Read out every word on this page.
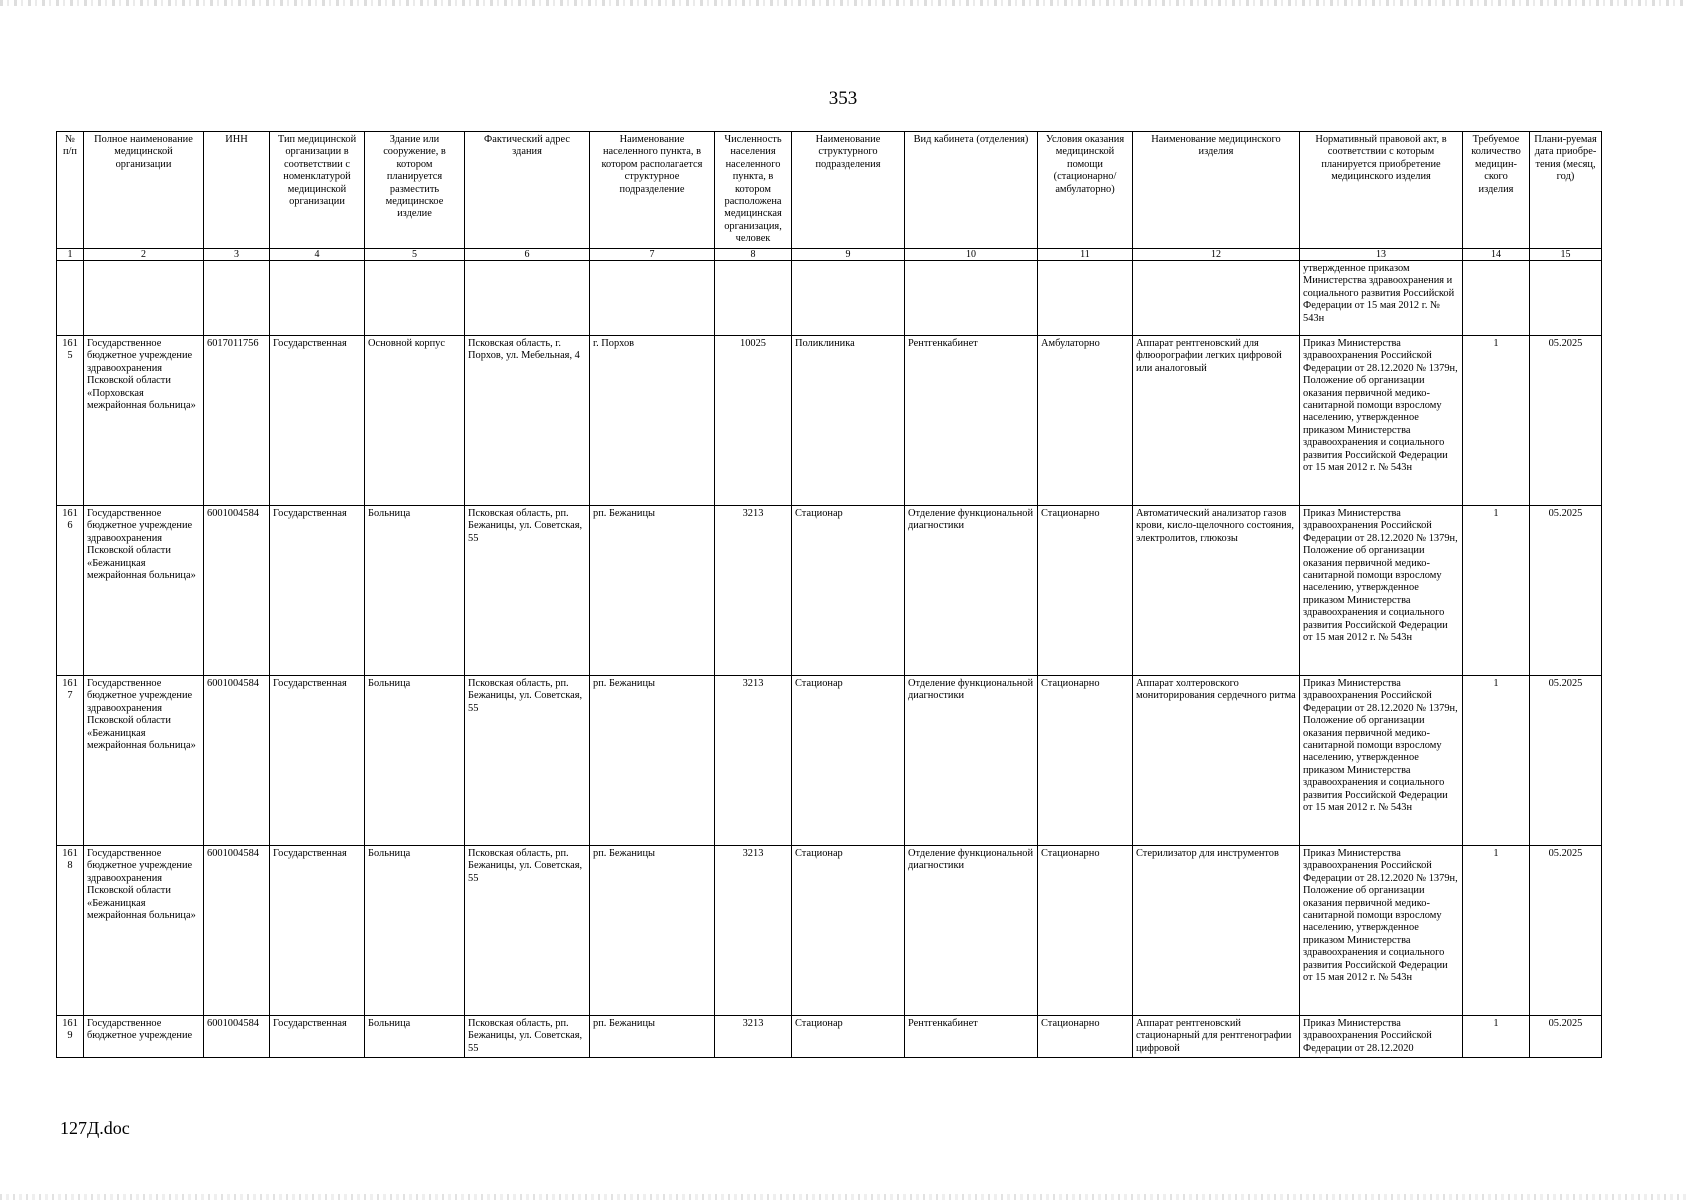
353
№ п/п	Полное наименование медицинской организации	ИНН	Тип медицинской организации в соответствии с номенклатурой медицинской организации	Здание или сооружение, в котором планируется разместить медицинское изделие	Фактический адрес здания	Наименование населенного пункта, в котором располагается структурное подразделение	Численность населения населенного пункта, в котором расположена медицинская организация, человек	Наименование структурного подразделения	Вид кабинета (отделения)	Условия оказания медицинской помощи (стационарно/ амбулаторно)	Наименование медицинского изделия	Нормативный правовой акт, в соответствии с которым планируется приобретение медицинского изделия	Требуемое количество медицин-ского изделия	Плани-руемая дата приобре-тения (месяц, год)
1	2	3	4	5	6	7	8	9	10	11	12	13	14	15
												утвержденное приказом Министерства здравоохранения и социального развития Российской Федерации от 15 мая 2012 г. № 543н		
1615	Государственное бюджетное учреждение здравоохранения Псковской области «Порховская межрайонная больница»	6017011756	Государственная	Основной корпус	Псковская область, г. Порхов, ул. Мебельная, 4	г. Порхов	10025	Поликлиника	Рентгенкабинет	Амбулаторно	Аппарат рентгеновский для флюорографии легких цифровой или аналоговый	Приказ Министерства здравоохранения Российской Федерации от 28.12.2020 № 1379н, Положение об организации оказания первичной медико-санитарной помощи взрослому населению, утвержденное приказом Министерства здравоохранения и социального развития Российской Федерации от 15 мая 2012 г. № 543н	1	05.2025
1616	Государственное бюджетное учреждение здравоохранения Псковской области «Бежаницкая межрайонная больница»	6001004584	Государственная	Больница	Псковская область, рп. Бежаницы, ул. Советская, 55	рп. Бежаницы	3213	Стационар	Отделение функциональной диагностики	Стационарно	Автоматический анализатор газов крови, кисло-щелочного состояния, электролитов, глюкозы	Приказ Министерства здравоохранения Российской Федерации от 28.12.2020 № 1379н, Положение об организации оказания первичной медико-санитарной помощи взрослому населению, утвержденное приказом Министерства здравоохранения и социального развития Российской Федерации от 15 мая 2012 г. № 543н	1	05.2025
1617	Государственное бюджетное учреждение здравоохранения Псковской области «Бежаницкая межрайонная больница»	6001004584	Государственная	Больница	Псковская область, рп. Бежаницы, ул. Советская, 55	рп. Бежаницы	3213	Стационар	Отделение функциональной диагностики	Стационарно	Аппарат холтеровского мониторирования сердечного ритма	Приказ Министерства здравоохранения Российской Федерации от 28.12.2020 № 1379н, Положение об организации оказания первичной медико-санитарной помощи взрослому населению, утвержденное приказом Министерства здравоохранения и социального развития Российской Федерации от 15 мая 2012 г. № 543н	1	05.2025
1618	Государственное бюджетное учреждение здравоохранения Псковской области «Бежаницкая межрайонная больница»	6001004584	Государственная	Больница	Псковская область, рп. Бежаницы, ул. Советская, 55	рп. Бежаницы	3213	Стационар	Отделение функциональной диагностики	Стационарно	Стерилизатор для инструментов	Приказ Министерства здравоохранения Российской Федерации от 28.12.2020 № 1379н, Положение об организации оказания первичной медико-санитарной помощи взрослому населению, утвержденное приказом Министерства здравоохранения и социального развития Российской Федерации от 15 мая 2012 г. № 543н	1	05.2025
1619	Государственное бюджетное учреждение	6001004584	Государственная	Больница	Псковская область, рп. Бежаницы, ул. Советская, 55	рп. Бежаницы	3213	Стационар	Рентгенкабинет	Стационарно	Аппарат рентгеновский стационарный для рентгенографии цифровой	Приказ Министерства здравоохранения Российской Федерации от 28.12.2020	1	05.2025
127Д.doc
